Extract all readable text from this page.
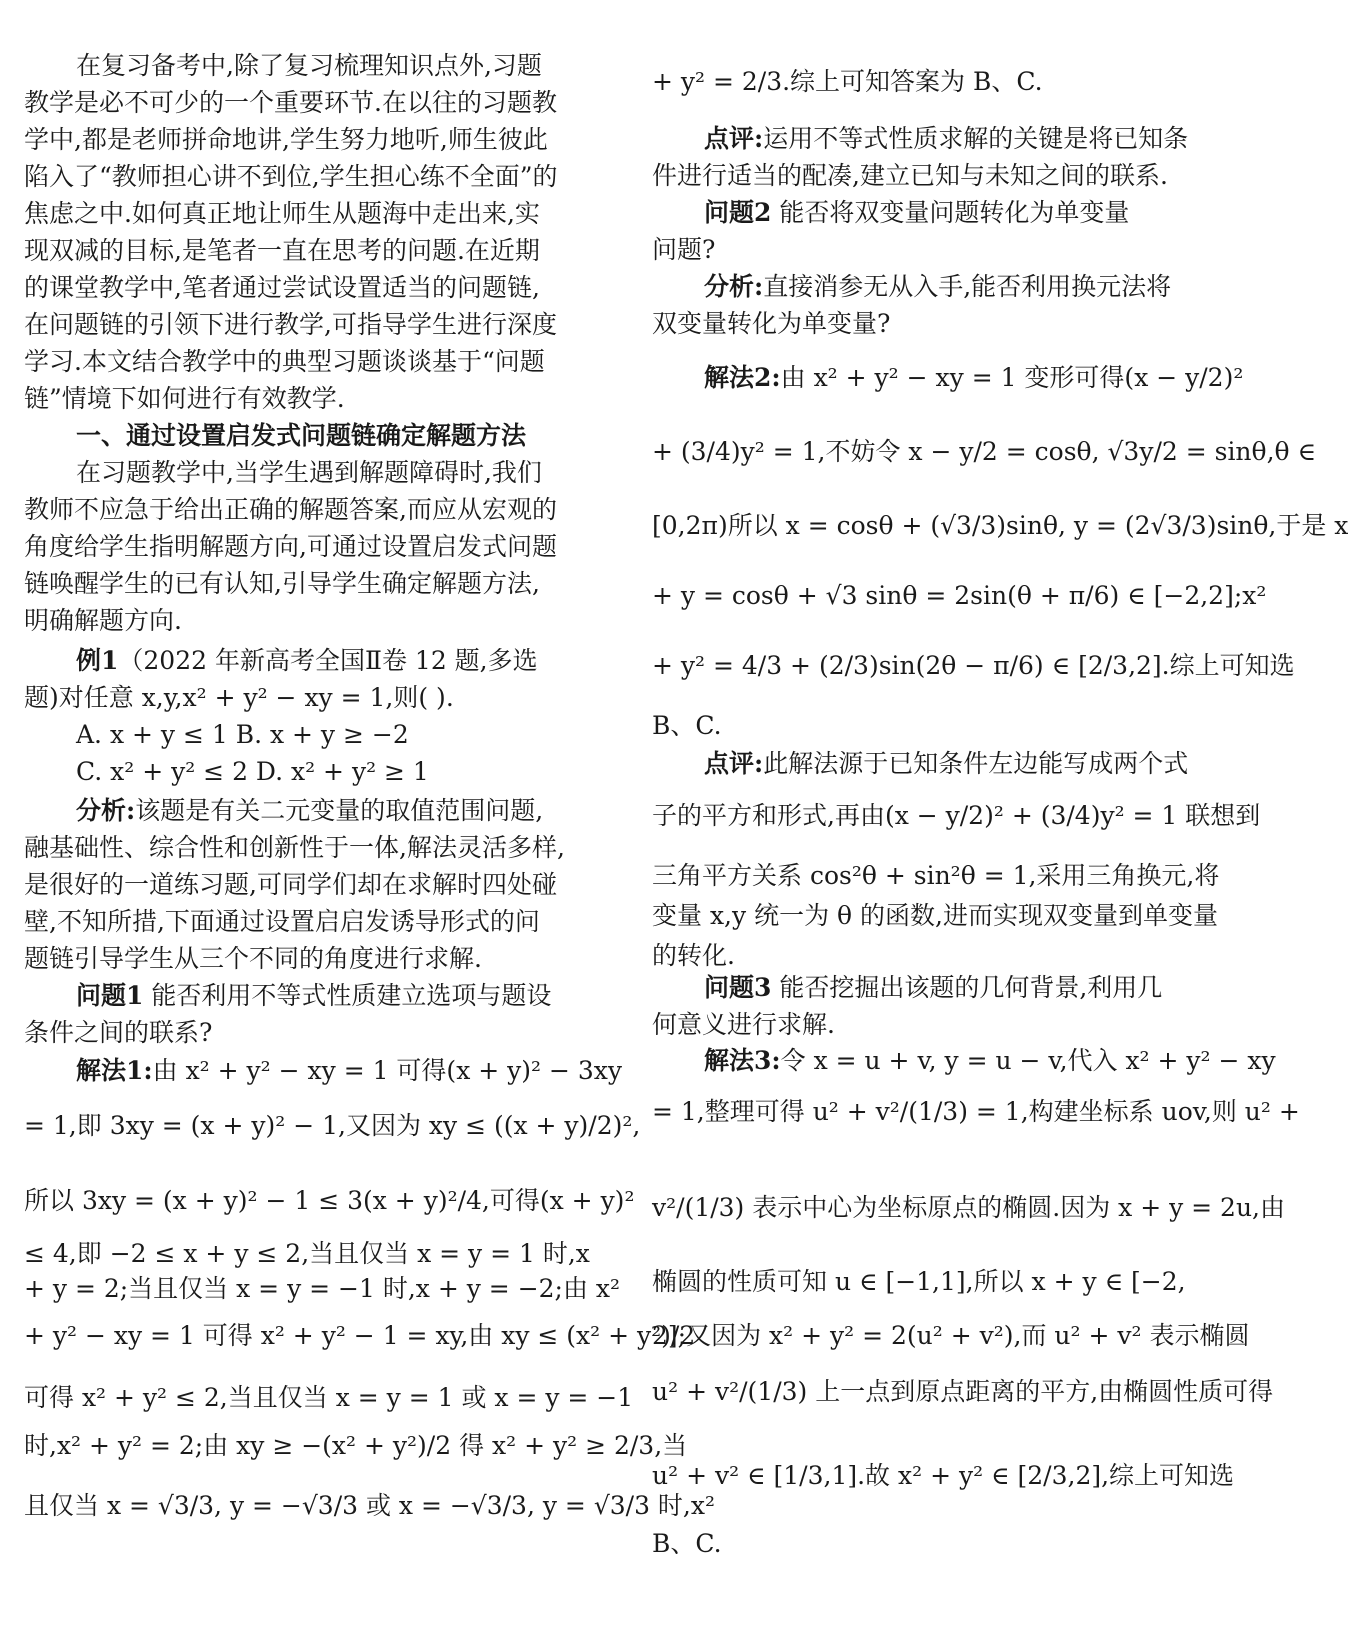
在复习备考中,除了复习梳理知识点外,习题
教学是必不可少的一个重要环节.在以往的习题教
学中,都是老师拼命地讲,学生努力地听,师生彼此
陷入了“教师担心讲不到位,学生担心练不全面”的
焦虑之中.如何真正地让师生从题海中走出来,实
现双减的目标,是笔者一直在思考的问题.在近期
的课堂教学中,笔者通过尝试设置适当的问题链,
在问题链的引领下进行教学,可指导学生进行深度
学习.本文结合教学中的典型习题谈谈基于“问题
链”情境下如何进行有效教学.
一、通过设置启发式问题链确定解题方法
在习题教学中,当学生遇到解题障碍时,我们
教师不应急于给出正确的解题答案,而应从宏观的
角度给学生指明解题方向,可通过设置启发式问题
链唤醒学生的已有认知,引导学生确定解题方法,
明确解题方向.
例1（2022 年新高考全国Ⅱ卷 12 题,多选
题)对任意 x,y,x² + y² − xy = 1,则( ).
A. x + y ≤ 1 B. x + y ≥ −2
C. x² + y² ≤ 2 D. x² + y² ≥ 1
分析:该题是有关二元变量的取值范围问题,
融基础性、综合性和创新性于一体,解法灵活多样,
是很好的一道练习题,可同学们却在求解时四处碰
壁,不知所措,下面通过设置启启发诱导形式的问
题链引导学生从三个不同的角度进行求解.
问题1 能否利用不等式性质建立选项与题设
条件之间的联系?
解法1:由 x² + y² − xy = 1 可得(x + y)² − 3xy
= 1,即 3xy = (x + y)² − 1,又因为 xy ≤ ((x + y)/2)²,
所以 3xy = (x + y)² − 1 ≤ 3(x + y)²/4,可得(x + y)²
≤ 4,即 −2 ≤ x + y ≤ 2,当且仅当 x = y = 1 时,x
+ y = 2;当且仅当 x = y = −1 时,x + y = −2;由 x²
+ y² − xy = 1 可得 x² + y² − 1 = xy,由 xy ≤ (x² + y²)/2
可得 x² + y² ≤ 2,当且仅当 x = y = 1 或 x = y = −1
时,x² + y² = 2;由 xy ≥ −(x² + y²)/2 得 x² + y² ≥ 2/3,当
且仅当 x = √3/3, y = −√3/3 或 x = −√3/3, y = √3/3 时,x²
+ y² = 2/3.综上可知答案为 B、C.
点评:运用不等式性质求解的关键是将已知条
件进行适当的配凑,建立已知与未知之间的联系.
问题2 能否将双变量问题转化为单变量
问题?
分析:直接消参无从入手,能否利用换元法将
双变量转化为单变量?
解法2:由 x² + y² − xy = 1 变形可得(x − y/2)²
+ (3/4)y² = 1,不妨令 x − y/2 = cosθ, √3y/2 = sinθ,θ ∈
[0,2π)所以 x = cosθ + (√3/3)sinθ, y = (2√3/3)sinθ,于是 x
+ y = cosθ + √3 sinθ = 2sin(θ + π/6) ∈ [−2,2];x²
+ y² = 4/3 + (2/3)sin(2θ − π/6) ∈ [2/3,2].综上可知选
B、C.
点评:此解法源于已知条件左边能写成两个式
子的平方和形式,再由(x − y/2)² + (3/4)y² = 1 联想到
三角平方关系 cos²θ + sin²θ = 1,采用三角换元,将
变量 x,y 统一为 θ 的函数,进而实现双变量到单变量
的转化.
问题3 能否挖掘出该题的几何背景,利用几
何意义进行求解.
解法3:令 x = u + v, y = u − v,代入 x² + y² − xy
= 1,整理可得 u² + v²/(1/3) = 1,构建坐标系 uov,则 u² +
v²/(1/3) 表示中心为坐标原点的椭圆.因为 x + y = 2u,由
椭圆的性质可知 u ∈ [−1,1],所以 x + y ∈ [−2,
2];又因为 x² + y² = 2(u² + v²),而 u² + v² 表示椭圆
u² + v²/(1/3) 上一点到原点距离的平方,由椭圆性质可得
u² + v² ∈ [1/3,1].故 x² + y² ∈ [2/3,2],综上可知选
B、C.
